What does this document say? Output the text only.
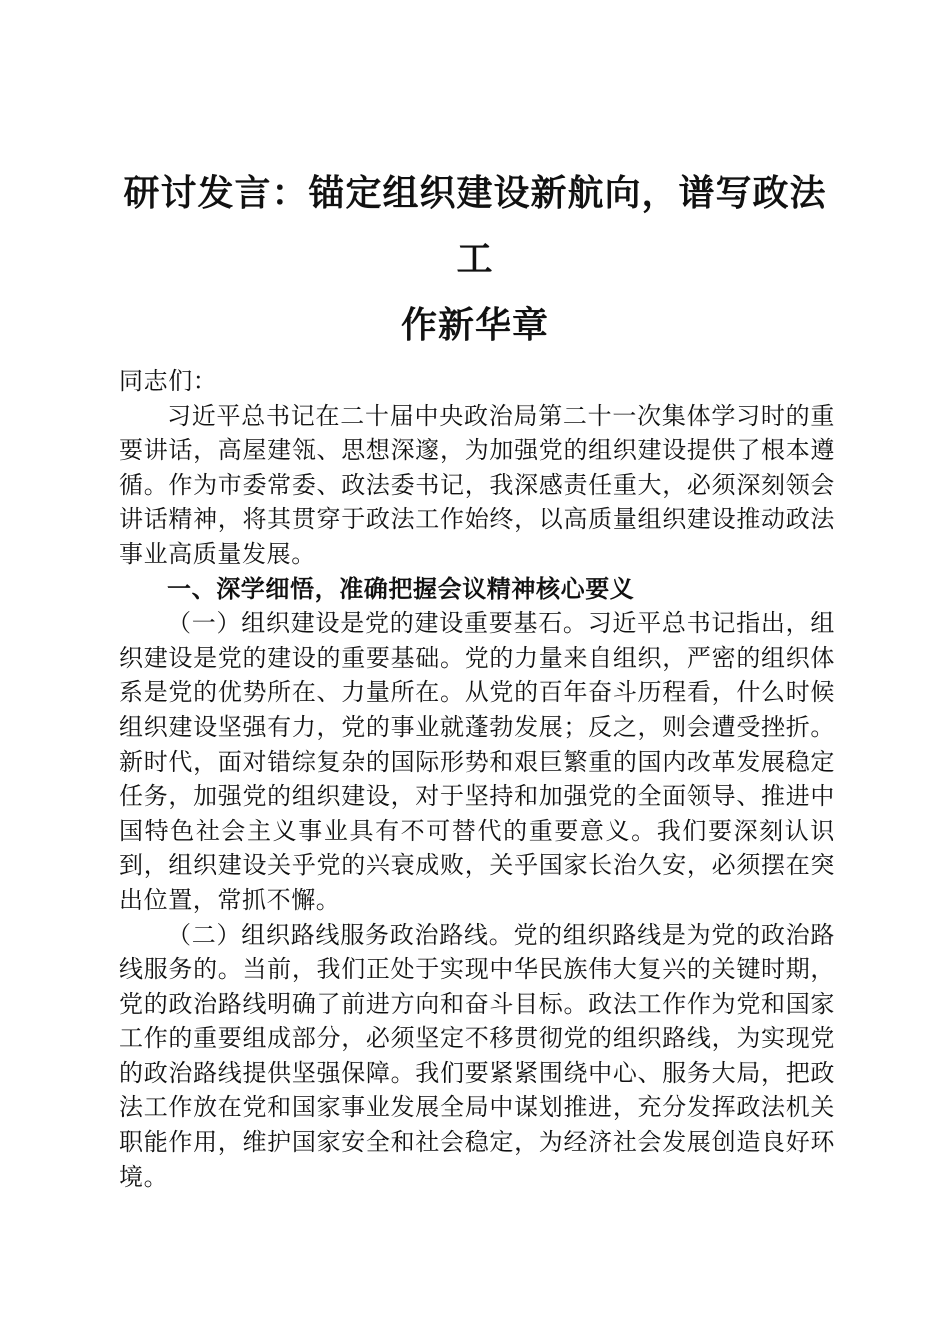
研讨发言：锚定组织建设新航向，谱写政法工
作新华章

同志们：

习近平总书记在二十届中央政治局第二十一次集体学习时的重要讲话，高屋建瓴、思想深邃，为加强党的组织建设提供了根本遵循。作为市委常委、政法委书记，我深感责任重大，必须深刻领会讲话精神，将其贯穿于政法工作始终，以高质量组织建设推动政法事业高质量发展。

一、深学细悟，准确把握会议精神核心要义

（一）组织建设是党的建设重要基石。习近平总书记指出，组织建设是党的建设的重要基础。党的力量来自组织，严密的组织体系是党的优势所在、力量所在。从党的百年奋斗历程看，什么时候组织建设坚强有力，党的事业就蓬勃发展；反之，则会遭受挫折。新时代，面对错综复杂的国际形势和艰巨繁重的国内改革发展稳定任务，加强党的组织建设，对于坚持和加强党的全面领导、推进中国特色社会主义事业具有不可替代的重要意义。我们要深刻认识到，组织建设关乎党的兴衰成败，关乎国家长治久安，必须摆在突出位置，常抓不懈。

（二）组织路线服务政治路线。党的组织路线是为党的政治路线服务的。当前，我们正处于实现中华民族伟大复兴的关键时期，党的政治路线明确了前进方向和奋斗目标。政法工作作为党和国家工作的重要组成部分，必须坚定不移贯彻党的组织路线，为实现党的政治路线提供坚强保障。我们要紧紧围绕中心、服务大局，把政法工作放在党和国家事业发展全局中谋划推进，充分发挥政法机关职能作用，维护国家安全和社会稳定，为经济社会发展创造良好环境。
